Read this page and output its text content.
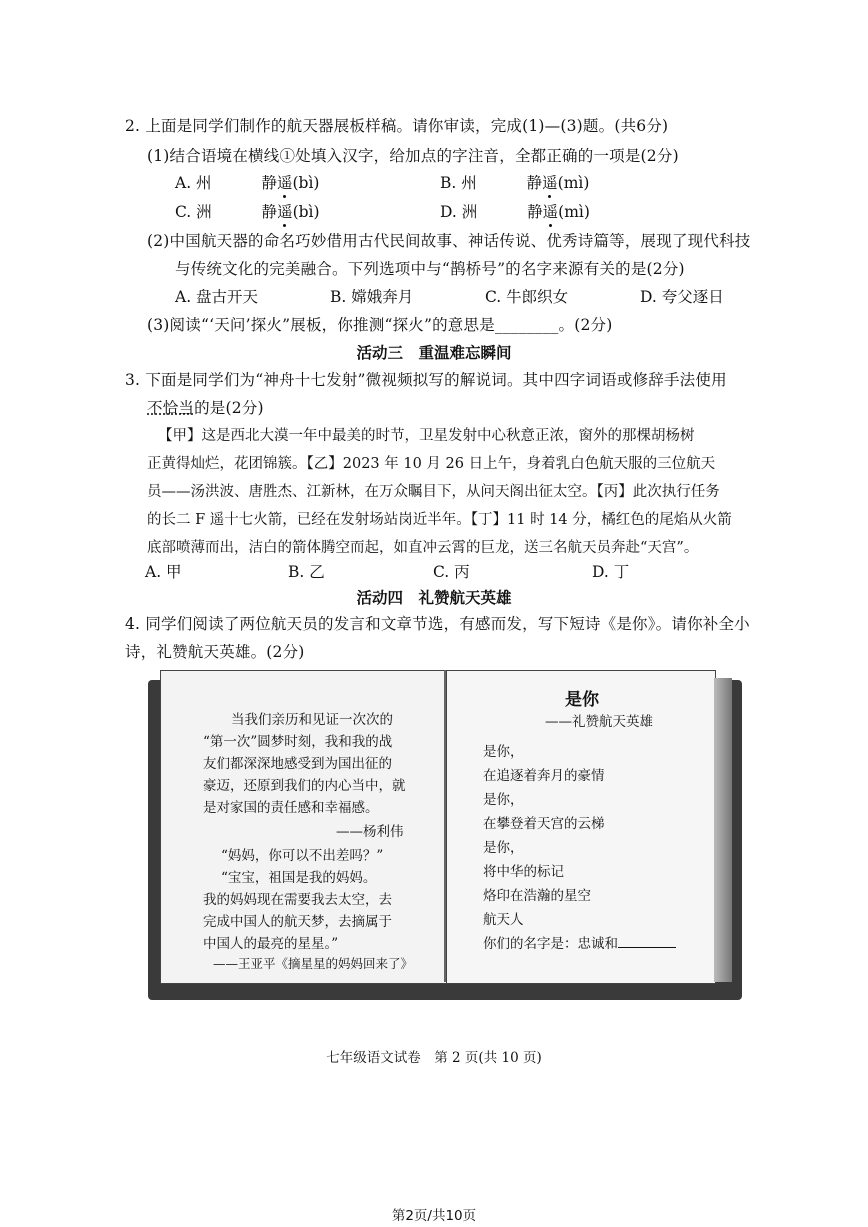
2. 上面是同学们制作的航天器展板样稿。请你审读，完成(1)—(3)题。(共6分)
(1)结合语境在横线①处填入汉字，给加点的字注音，全都正确的一项是(2分)
A. 州	静遥(bì)	B. 州	静遥(mì)
C. 洲	静遥(bì)	D. 洲	静遥(mì)
(2)中国航天器的命名巧妙借用古代民间故事、神话传说、优秀诗篇等，展现了现代科技
与传统文化的完美融合。下列选项中与“鹊桥号”的名字来源有关的是(2分)
A. 盘古开天	B. 嫦娥奔月	C. 牛郎织女	D. 夸父逐日
(3)阅读“‘天问’探火”展板，你推测“探火”的意思是________。(2分)
活动三　重温难忘瞬间
3. 下面是同学们为“神舟十七发射”微视频拟写的解说词。其中四字词语或修辞手法使用
不恰当的是(2分)
【甲】这是西北大漠一年中最美的时节，卫星发射中心秋意正浓，窗外的那棵胡杨树
正黄得灿烂，花团锦簇。【乙】2023 年 10 月 26 日上午，身着乳白色航天服的三位航天
员——汤洪波、唐胜杰、江新林，在万众瞩目下，从问天阁出征太空。【丙】此次执行任务
的长二 F 遥十七火箭，已经在发射场站岗近半年。【丁】11 时 14 分，橘红色的尾焰从火箭
底部喷薄而出，洁白的箭体腾空而起，如直冲云霄的巨龙，送三名航天员奔赴“天宫”。
A. 甲	B. 乙	C. 丙	D. 丁
活动四　礼赞航天英雄
4. 同学们阅读了两位航天员的发言和文章节选，有感而发，写下短诗《是你》。请你补全小
诗，礼赞航天英雄。(2分)
当我们亲历和见证一次次的
“第一次”圆梦时刻，我和我的战
友们都深深地感受到为国出征的
豪迈，还原到我们的内心当中，就
是对家国的责任感和幸福感。
——杨利伟
“妈妈，你可以不出差吗？”
“宝宝，祖国是我的妈妈。
我的妈妈现在需要我去太空，去
完成中国人的航天梦，去摘属于
中国人的最亮的星星。”
——王亚平《摘星星的妈妈回来了》
是你
——礼赞航天英雄
是你，
在追逐着奔月的豪情
是你，
在攀登着天宫的云梯
是你，
将中华的标记
烙印在浩瀚的星空
航天人
你们的名字是：忠诚和
七年级语文试卷　第 2 页(共 10 页)
第2页/共10页
